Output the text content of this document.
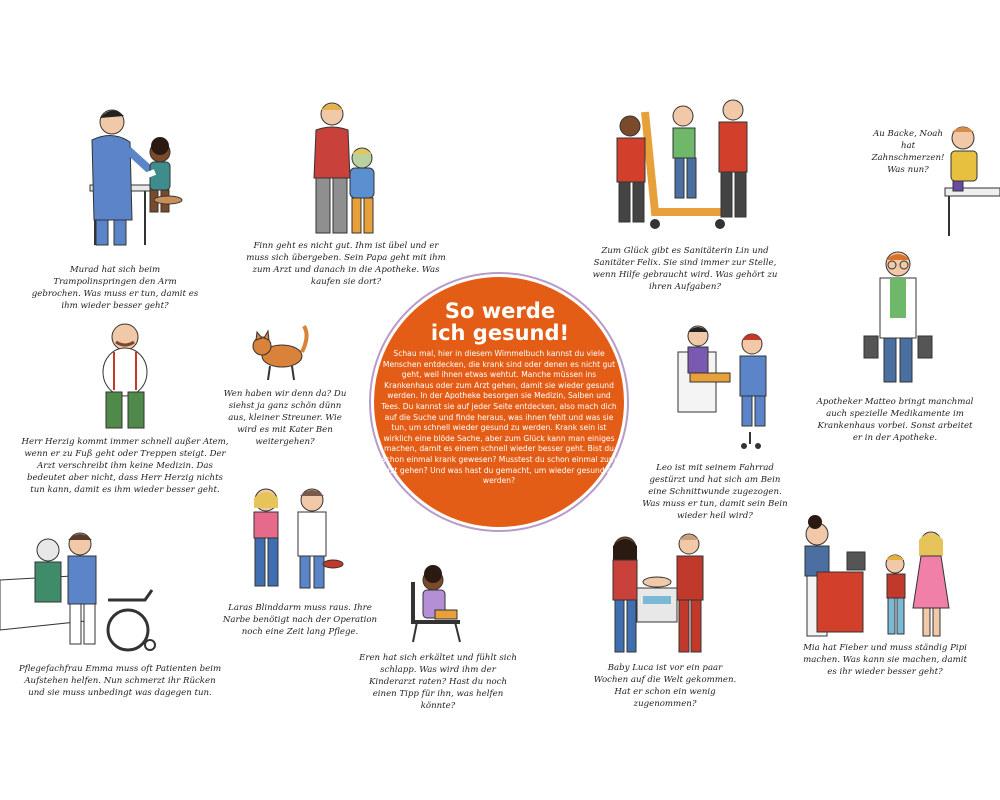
Murad hat sich beim Trampolinspringen den Arm gebrochen. Was muss er tun, damit es ihm wieder besser geht?
Finn geht es nicht gut. Ihm ist übel und er muss sich übergeben. Sein Papa geht mit ihm zum Arzt und danach in die Apotheke. Was kaufen sie dort?
Zum Glück gibt es Sanitäterin Lin und Sanitäter Felix. Sie sind immer zur Stelle, wenn Hilfe gebraucht wird. Was gehört zu ihren Aufgaben?
Au Backe, Noah hat Zahnschmerzen! Was nun?
Herr Herzig kommt immer schnell außer Atem, wenn er zu Fuß geht oder Treppen steigt. Der Arzt verschreibt ihm keine Medizin. Das bedeutet aber nicht, dass Herr Herzig nichts tun kann, damit es ihm wieder besser geht.
Wen haben wir denn da? Du siehst ja ganz schön dünn aus, kleiner Streuner. Wie wird es mit Kater Ben weitergehen?
So werde ich gesund!
Schau mal, hier in diesem Wimmelbuch kannst du viele Menschen entdecken, die krank sind oder denen es nicht gut geht, weil ihnen etwas wehtut. Manche müssen ins Krankenhaus oder zum Arzt gehen, damit sie wieder gesund werden. In der Apotheke besorgen sie Medizin, Salben und Tees. Du kannst sie auf jeder Seite entdecken, also mach dich auf die Suche und finde heraus, was ihnen fehlt und was sie tun, um schnell wieder gesund zu werden. Krank sein ist wirklich eine blöde Sache, aber zum Glück kann man einiges machen, damit es einem schnell wieder besser geht. Bist du schon einmal krank gewesen? Musstest du schon einmal zum Arzt gehen? Und was hast du gemacht, um wieder gesund zu werden?
Leo ist mit seinem Fahrrad gestürzt und hat sich am Bein eine Schnittwunde zugezogen. Was muss er tun, damit sein Bein wieder heil wird?
Apotheker Matteo bringt manchmal auch spezielle Medikamente im Krankenhaus vorbei. Sonst arbeitet er in der Apotheke.
Laras Blinddarm muss raus. Ihre Narbe benötigt nach der Operation noch eine Zeit lang Pflege.
Pflegefachfrau Emma muss oft Patienten beim Aufstehen helfen. Nun schmerzt ihr Rücken und sie muss unbedingt was dagegen tun.
Eren hat sich erkältet und fühlt sich schlapp. Was wird ihm der Kinderarzt raten? Hast du noch einen Tipp für ihn, was helfen könnte?
Baby Luca ist vor ein paar Wochen auf die Welt gekommen. Hat er schon ein wenig zugenommen?
Mia hat Fieber und muss ständig Pipi machen. Was kann sie machen, damit es ihr wieder besser geht?
